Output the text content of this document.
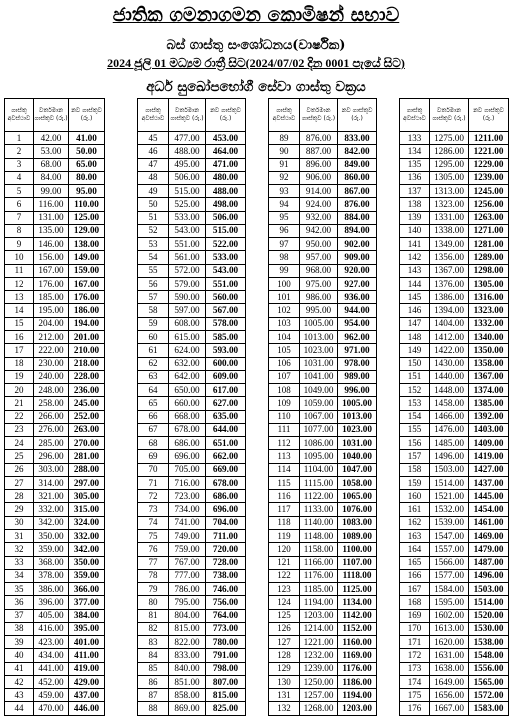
ජාතික ගමනාගමන කොමිෂන් සභාව
බස් ගාස්තු සංශෝධනය(වාර්ෂික)
2024 ජූලි 01 මධ්‍යම රාත්‍රී සිට(2024/07/02 දින 0001 පැයේ සිට)
අර්ධ සුඛෝපභෝගී සේවා ගාස්තු වක්‍රය
ගාස්තු අවස්ථාව	වර්තමාන ගාස්තුව (රු.)	නව ගාස්තුව (රු.)
1	42.00	41.00
2	53.00	50.00
3	68.00	65.00
4	84.00	80.00
5	99.00	95.00
6	116.00	110.00
7	131.00	125.00
8	135.00	129.00
9	146.00	138.00
10	156.00	149.00
11	167.00	159.00
12	176.00	167.00
13	185.00	176.00
14	195.00	186.00
15	204.00	194.00
16	212.00	201.00
17	222.00	210.00
18	230.00	218.00
19	240.00	228.00
20	248.00	236.00
21	258.00	245.00
22	266.00	252.00
23	276.00	263.00
24	285.00	270.00
25	296.00	281.00
26	303.00	288.00
27	314.00	297.00
28	321.00	305.00
29	332.00	315.00
30	342.00	324.00
31	350.00	332.00
32	359.00	342.00
33	368.00	350.00
34	378.00	359.00
35	386.00	366.00
36	396.00	377.00
37	405.00	384.00
38	416.00	395.00
39	423.00	401.00
40	434.00	411.00
41	441.00	419.00
42	452.00	429.00
43	459.00	437.00
44	470.00	446.00
ගාස්තු අවස්ථාව	වර්තමාන ගාස්තුව (රු.)	නව ගාස්තුව (රු.)
45	477.00	453.00
46	488.00	464.00
47	495.00	471.00
48	506.00	480.00
49	515.00	488.00
50	525.00	498.00
51	533.00	506.00
52	543.00	515.00
53	551.00	522.00
54	561.00	533.00
55	572.00	543.00
56	579.00	551.00
57	590.00	560.00
58	597.00	567.00
59	608.00	578.00
60	615.00	585.00
61	624.00	593.00
62	632.00	600.00
63	642.00	609.00
64	650.00	617.00
65	660.00	627.00
66	668.00	635.00
67	678.00	644.00
68	686.00	651.00
69	696.00	662.00
70	705.00	669.00
71	716.00	678.00
72	723.00	686.00
73	734.00	696.00
74	741.00	704.00
75	749.00	711.00
76	759.00	720.00
77	767.00	728.00
78	777.00	738.00
79	786.00	746.00
80	795.00	756.00
81	804.00	764.00
82	815.00	773.00
83	822.00	780.00
84	833.00	791.00
85	840.00	798.00
86	851.00	807.00
87	858.00	815.00
88	869.00	825.00
ගාස්තු අවස්ථාව	වර්තමාන ගාස්තුව (රු.)	නව ගාස්තුව (රු.)
89	876.00	833.00
90	887.00	842.00
91	896.00	849.00
92	906.00	860.00
93	914.00	867.00
94	924.00	876.00
95	932.00	884.00
96	942.00	894.00
97	950.00	902.00
98	957.00	909.00
99	968.00	920.00
100	975.00	927.00
101	986.00	936.00
102	995.00	944.00
103	1005.00	954.00
104	1013.00	962.00
105	1023.00	971.00
106	1031.00	978.00
107	1041.00	989.00
108	1049.00	996.00
109	1059.00	1005.00
110	1067.00	1013.00
111	1077.00	1023.00
112	1086.00	1031.00
113	1095.00	1040.00
114	1104.00	1047.00
115	1115.00	1058.00
116	1122.00	1065.00
117	1133.00	1076.00
118	1140.00	1083.00
119	1148.00	1089.00
120	1158.00	1100.00
121	1166.00	1107.00
122	1176.00	1118.00
123	1185.00	1125.00
124	1194.00	1134.00
125	1203.00	1142.00
126	1214.00	1152.00
127	1221.00	1160.00
128	1232.00	1169.00
129	1239.00	1176.00
130	1250.00	1186.00
131	1257.00	1194.00
132	1268.00	1203.00
ගාස්තු අවස්ථාව	වර්තමාන ගාස්තුව (රු.)	නව ගාස්තුව (රු.)
133	1275.00	1211.00
134	1286.00	1221.00
135	1295.00	1229.00
136	1305.00	1239.00
137	1313.00	1245.00
138	1323.00	1256.00
139	1331.00	1263.00
140	1338.00	1271.00
141	1349.00	1281.00
142	1356.00	1289.00
143	1367.00	1298.00
144	1376.00	1305.00
145	1386.00	1316.00
146	1394.00	1323.00
147	1404.00	1332.00
148	1412.00	1340.00
149	1422.00	1350.00
150	1430.00	1358.00
151	1440.00	1367.00
152	1448.00	1374.00
153	1458.00	1385.00
154	1466.00	1392.00
155	1476.00	1403.00
156	1485.00	1409.00
157	1496.00	1419.00
158	1503.00	1427.00
159	1514.00	1437.00
160	1521.00	1445.00
161	1532.00	1454.00
162	1539.00	1461.00
163	1547.00	1469.00
164	1557.00	1479.00
165	1566.00	1487.00
166	1577.00	1496.00
167	1584.00	1503.00
168	1595.00	1514.00
169	1602.00	1520.00
170	1613.00	1530.00
171	1620.00	1538.00
172	1631.00	1548.00
173	1638.00	1556.00
174	1649.00	1565.00
175	1656.00	1572.00
176	1667.00	1583.00
